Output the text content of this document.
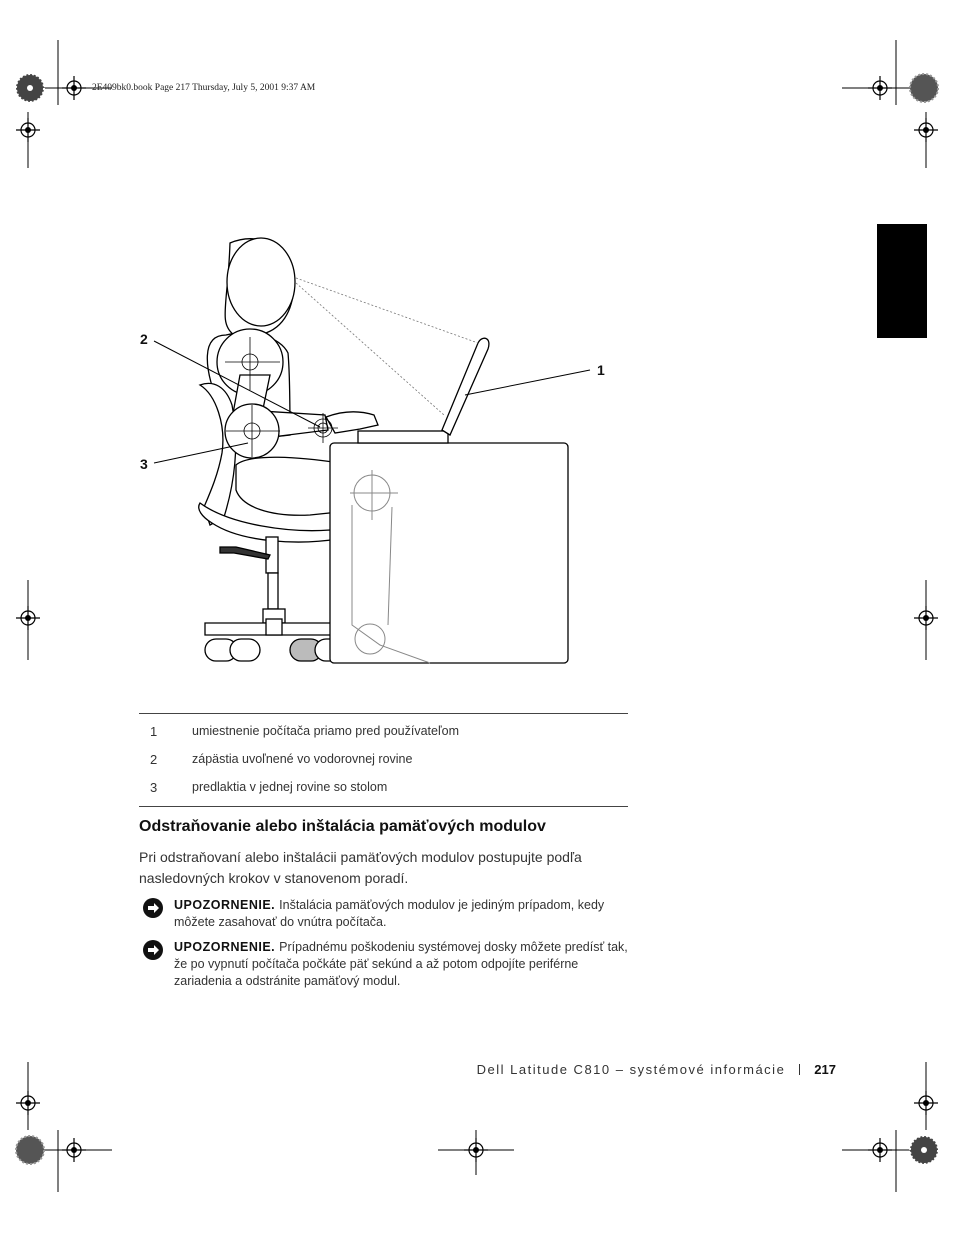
2E409bk0.book Page 217 Thursday, July 5, 2001 9:37 AM
2
3
1
1	umiestnenie počítača priamo pred používateľom
2	zápästia uvoľnené vo vodorovnej rovine
3	predlaktia v jednej rovine so stolom
Odstraňovanie alebo inštalácia pamäťových modulov
Pri odstraňovaní alebo inštalácii pamäťových modulov postupujte podľa nasledovných krokov v stanovenom poradí.
UPOZORNENIE. Inštalácia pamäťových modulov je jediným prípadom, kedy môžete zasahovať do vnútra počítača.
UPOZORNENIE. Prípadnému poškodeniu systémovej dosky môžete predísť tak, že po vypnutí počítača počkáte päť sekúnd a až potom odpojíte periférne zariadenia a odstránite pamäťový modul.
Dell Latitude C810 – systémové informácie 217
